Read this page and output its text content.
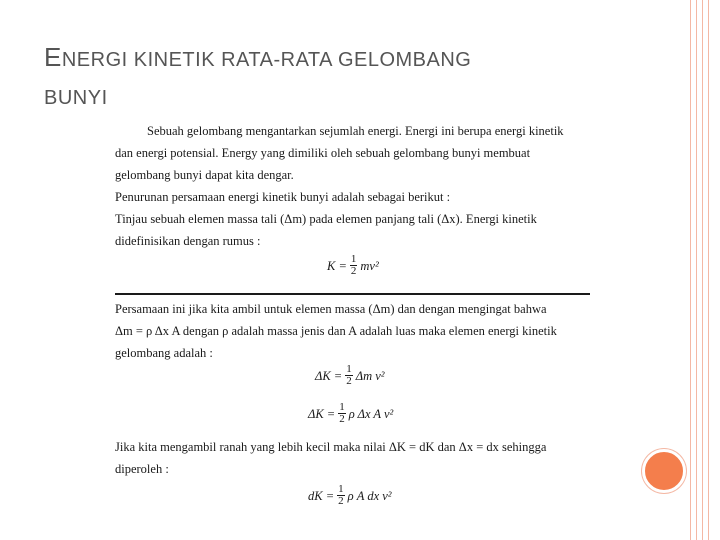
ENERGI KINETIK RATA-RATA GELOMBANG
BUNYI
Sebuah gelombang mengantarkan sejumlah energi. Energi ini berupa energi kinetik
dan energi potensial. Energy yang dimiliki oleh sebuah gelombang bunyi membuat
gelombang bunyi dapat kita dengar.
Penurunan persamaan energi kinetik bunyi adalah sebagai berikut :
Tinjau sebuah elemen massa tali (Δm) pada elemen panjang tali (Δx). Energi kinetik
didefinisikan dengan rumus :
$K = \frac{1}{2} mv^2$
Persamaan ini jika kita ambil untuk elemen massa (Δm) dan dengan mengingat bahwa
Δm = ρ Δx A dengan ρ adalah massa jenis dan A adalah luas maka elemen energi kinetik
gelombang adalah :
$\Delta K = \frac{1}{2}$ Δm v²
$\Delta K = \frac{1}{2}$ ρ Δx A v²
Jika kita mengambil ranah yang lebih kecil maka nilai ΔK = dK dan Δx = dx sehingga
diperoleh :
dK = $\frac{1}{2}$ ρ A dx v²
